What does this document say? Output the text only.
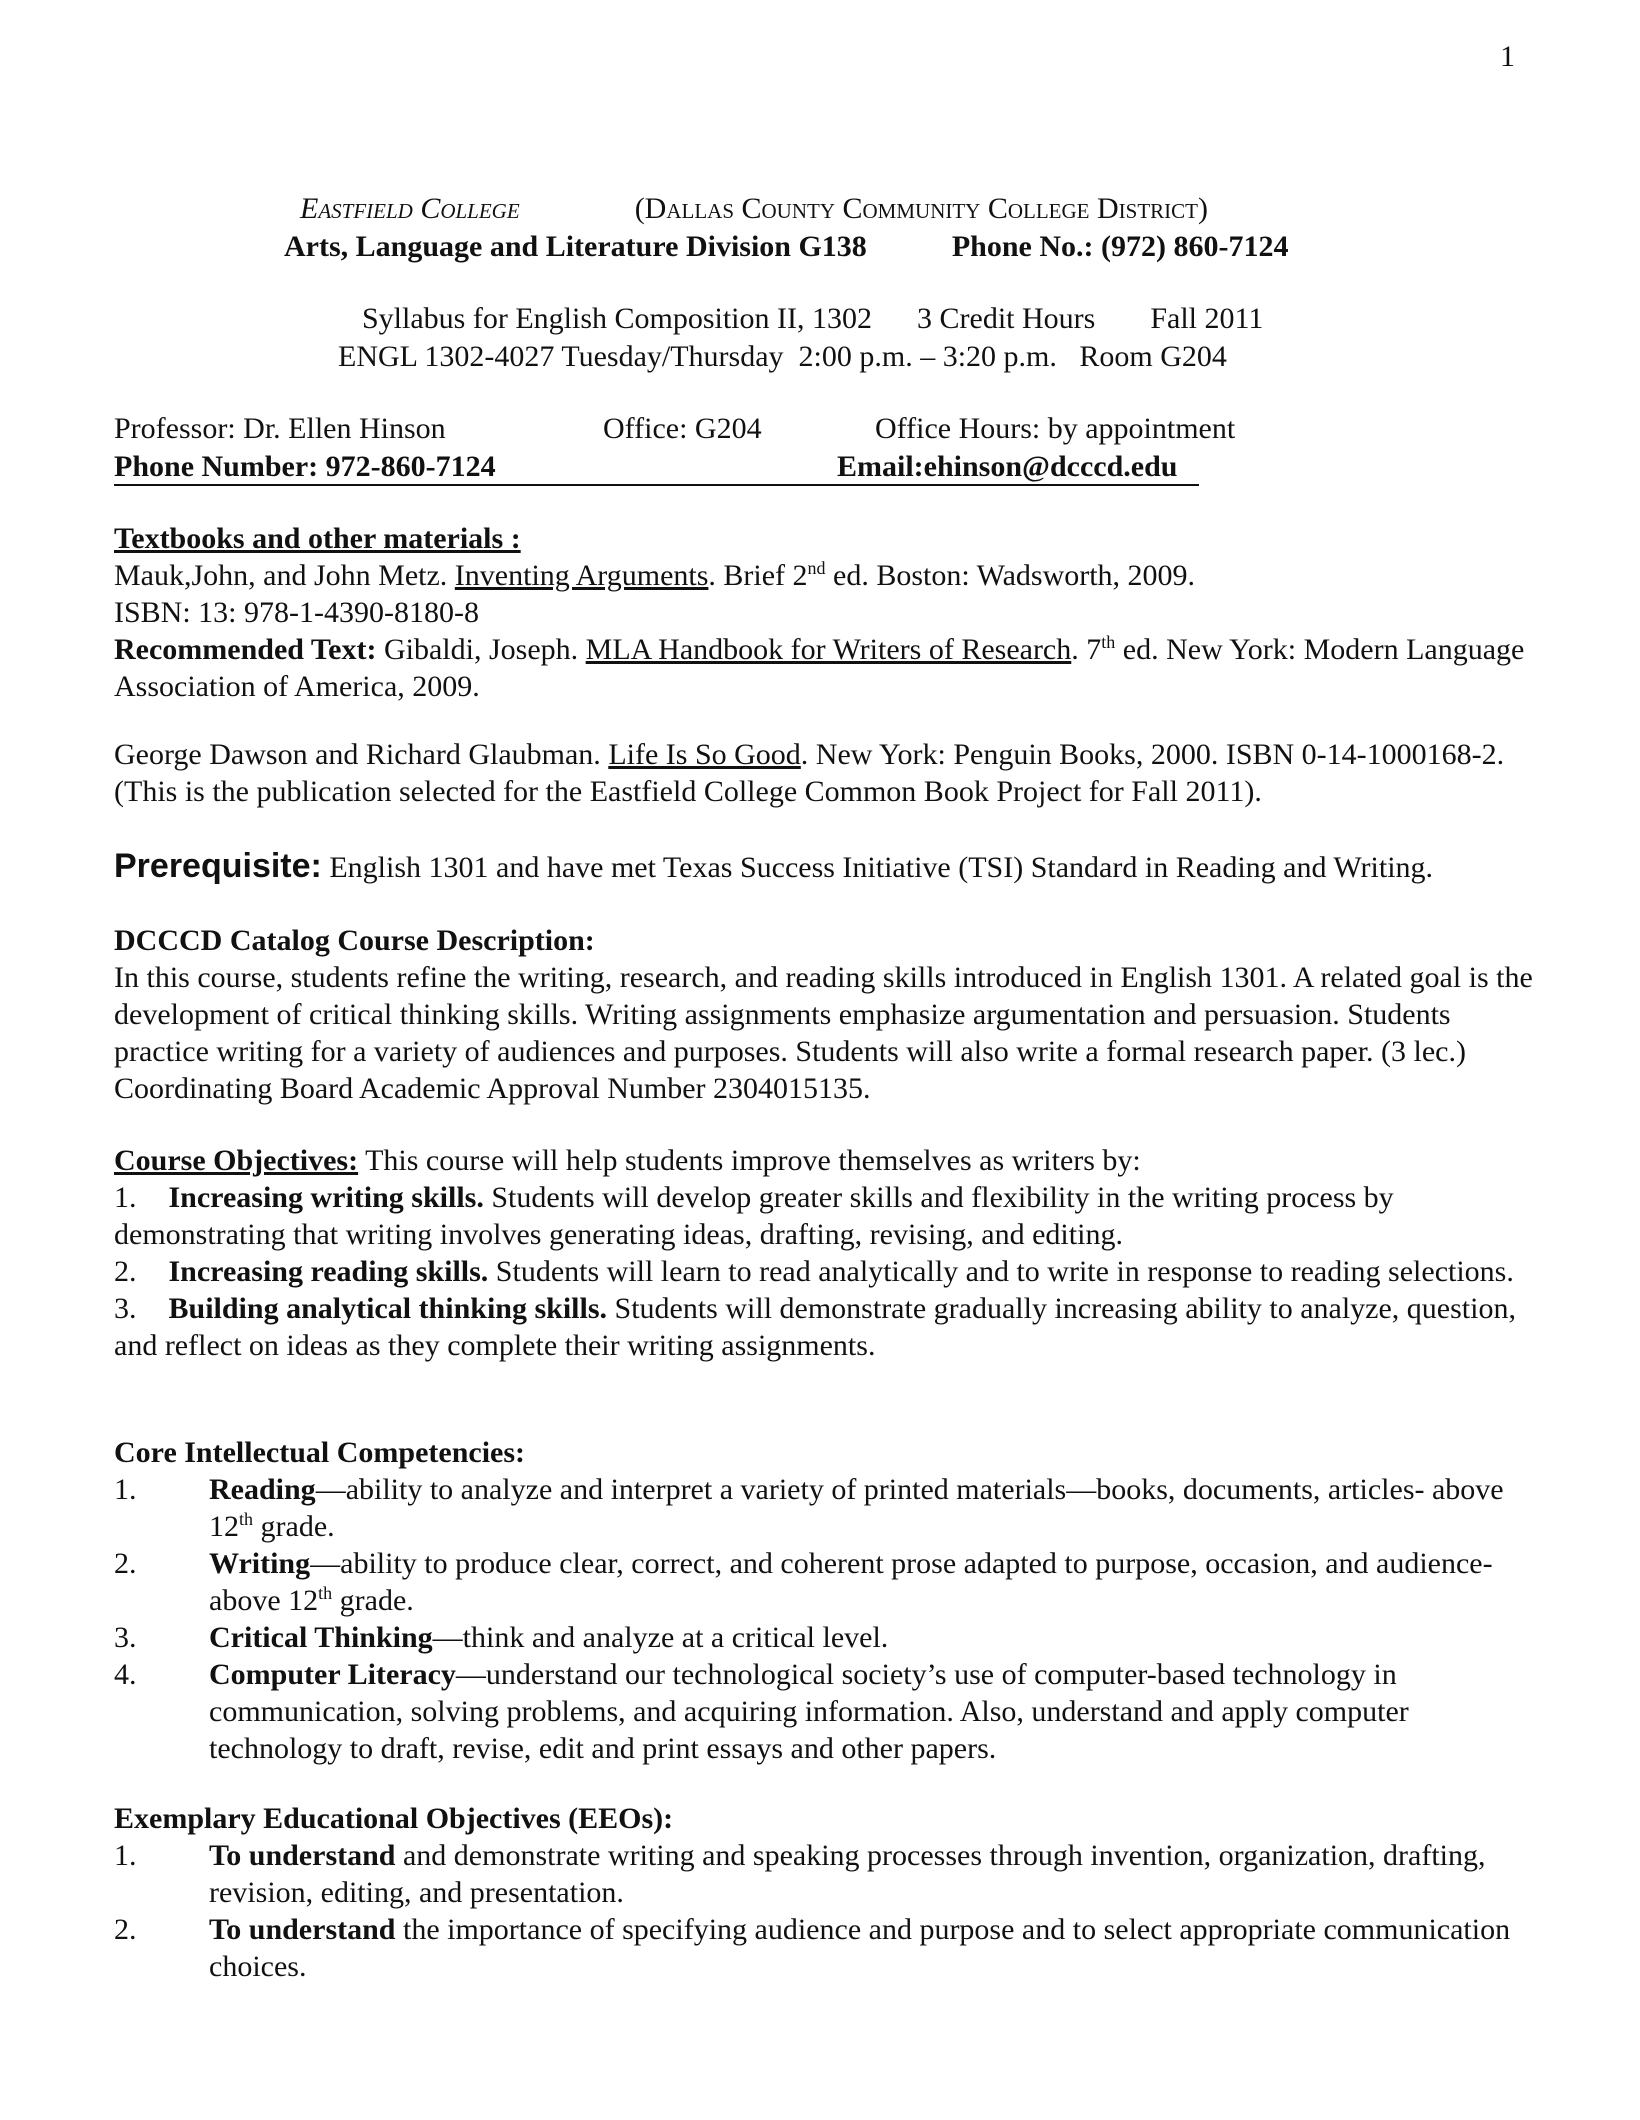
1
Eastfield College	(Dallas County Community College District)
Arts, Language and Literature Division G138	Phone No.: (972) 860-7124
Syllabus for English Composition II, 1302 3 Credit Hours Fall 2011
ENGL 1302-4027 Tuesday/Thursday  2:00 p.m. – 3:20 p.m.   Room G204
Professor: Dr. Ellen Hinson	Office: G204	Office Hours: by appointment
Phone Number: 972-860-7124	Email:ehinson@dcccd.edu
Textbooks and other materials :
Mauk,John, and John Metz. Inventing Arguments. Brief 2nd ed. Boston: Wadsworth, 2009.
ISBN: 13: 978-1-4390-8180-8
Recommended Text: Gibaldi, Joseph. MLA Handbook for Writers of Research. 7th ed. New York: Modern Language Association of America, 2009.
George Dawson and Richard Glaubman. Life Is So Good. New York: Penguin Books, 2000. ISBN 0-14-1000168-2. (This is the publication selected for the Eastfield College Common Book Project for Fall 2011).
Prerequisite: English 1301 and have met Texas Success Initiative (TSI) Standard in Reading and Writing.
DCCCD Catalog Course Description:
In this course, students refine the writing, research, and reading skills introduced in English 1301. A related goal is the development of critical thinking skills. Writing assignments emphasize argumentation and persuasion. Students practice writing for a variety of audiences and purposes. Students will also write a formal research paper. (3 lec.) Coordinating Board Academic Approval Number 2304015135.
Course Objectives: This course will help students improve themselves as writers by:
1. Increasing writing skills. Students will develop greater skills and flexibility in the writing process by demonstrating that writing involves generating ideas, drafting, revising, and editing.
2. Increasing reading skills. Students will learn to read analytically and to write in response to reading selections.
3. Building analytical thinking skills. Students will demonstrate gradually increasing ability to analyze, question, and reflect on ideas as they complete their writing assignments.
Core Intellectual Competencies:
1. Reading—ability to analyze and interpret a variety of printed materials—books, documents, articles- above 12th grade.
2. Writing—ability to produce clear, correct, and coherent prose adapted to purpose, occasion, and audience- above 12th grade.
3. Critical Thinking—think and analyze at a critical level.
4. Computer Literacy—understand our technological society’s use of computer-based technology in communication, solving problems, and acquiring information. Also, understand and apply computer technology to draft, revise, edit and print essays and other papers.
Exemplary Educational Objectives (EEOs):
1. To understand and demonstrate writing and speaking processes through invention, organization, drafting, revision, editing, and presentation.
2. To understand the importance of specifying audience and purpose and to select appropriate communication choices.
